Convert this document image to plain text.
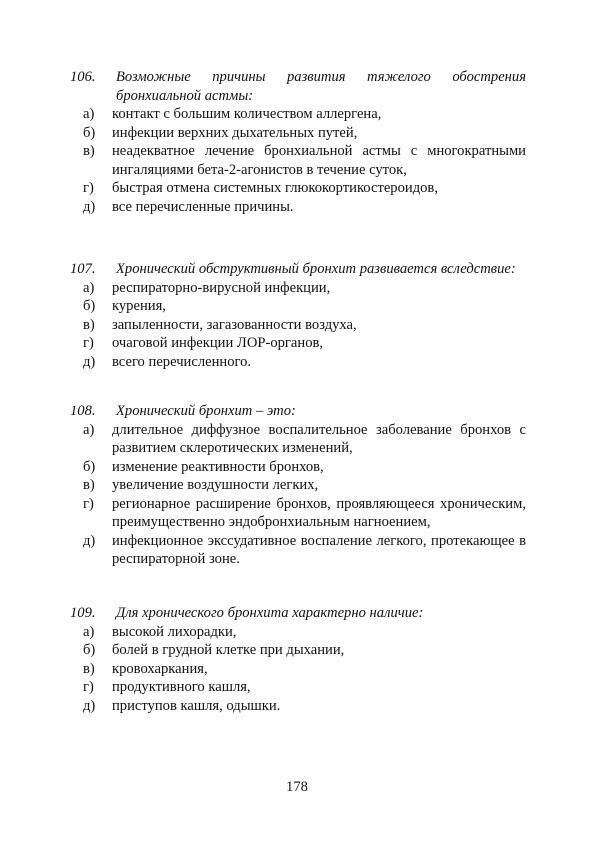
106.	Возможные причины развития тяжелого обострения бронхиальной астмы:
а)	контакт с большим количеством аллергена,
б)	инфекции верхних дыхательных путей,
в)	неадекватное лечение бронхиальной астмы с многократными ингаляциями бета-2-агонистов в течение суток,
г)	быстрая отмена системных глюкокортикостероидов,
д)	все перечисленные причины.
107.	Хронический обструктивный бронхит развивается вследствие:
а)	респираторно-вирусной инфекции,
б)	курения,
в)	запыленности, загазованности воздуха,
г)	очаговой инфекции ЛОР-органов,
д)	всего перечисленного.
108.	Хронический бронхит – это:
а)	длительное диффузное воспалительное заболевание бронхов с развитием склеротических изменений,
б)	изменение реактивности бронхов,
в)	увеличение воздушности легких,
г)	регионарное расширение бронхов, проявляющееся хроническим, преимущественно эндобронхиальным нагноением,
д)	инфекционное экссудативное воспаление легкого, протекающее в респираторной зоне.
109.	Для хронического бронхита характерно наличие:
а)	высокой лихорадки,
б)	болей в грудной клетке при дыхании,
в)	кровохаркания,
г)	продуктивного кашля,
д)	приступов кашля, одышки.
178
